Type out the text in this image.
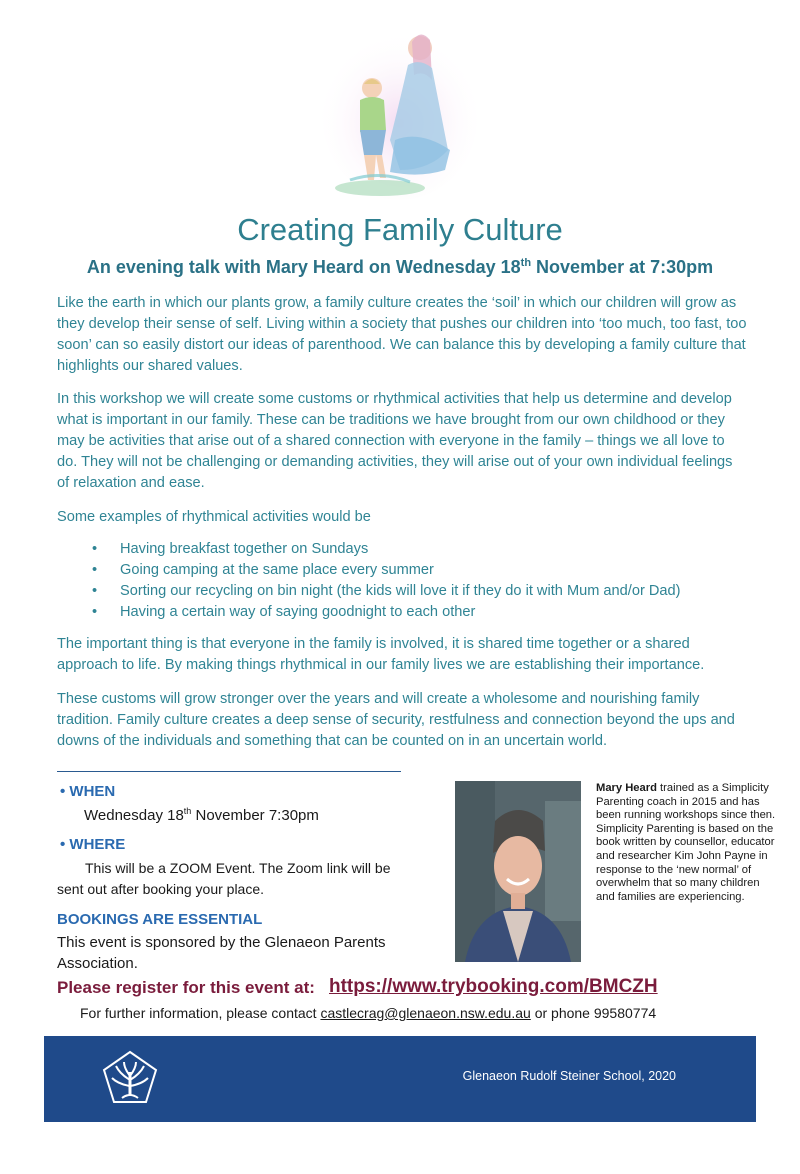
Creating Family Culture
An evening talk with Mary Heard on Wednesday 18th November at 7:30pm

Like the earth in which our plants grow, a family culture creates the ‘soil’ in which our children will grow as they develop their sense of self. Living within a society that pushes our children into ‘too much, too fast, too soon’ can so easily distort our ideas of parenthood. We can balance this by developing a family culture that highlights our shared values.

In this workshop we will create some customs or rhythmical activities that help us determine and develop what is important in our family. These can be traditions we have brought from our own childhood or they may be activities that arise out of a shared connection with everyone in the family – things we all love to do. They will not be challenging or demanding activities, they will arise out of your own individual feelings of relaxation and ease.

Some examples of rhythmical activities would be

• Having breakfast together on Sundays
• Going camping at the same place every summer
• Sorting our recycling on bin night (the kids will love it if they do it with Mum and/or Dad)
• Having a certain way of saying goodnight to each other

The important thing is that everyone in the family is involved, it is shared time together or a shared approach to life. By making things rhythmical in our family lives we are establishing their importance.

These customs will grow stronger over the years and will create a wholesome and nourishing family tradition. Family culture creates a deep sense of security, restfulness and connection beyond the ups and downs of the individuals and something that can be counted on in an uncertain world.

• WHEN
Wednesday 18th November 7:30pm
• WHERE
This will be a ZOOM Event. The Zoom link will be sent out after booking your place.
BOOKINGS ARE ESSENTIAL
This event is sponsored by the Glenaeon Parents Association.

Mary Heard trained as a Simplicity Parenting coach in 2015 and has been running workshops since then. Simplicity Parenting is based on the book written by counsellor, educator and researcher Kim John Payne in response to the ‘new normal’ of overwhelm that so many children and families are experiencing.

Please register for this event at: https://www.trybooking.com/BMCZH
For further information, please contact castlecrag@glenaeon.nsw.edu.au or phone 99580774
Glenaeon Rudolf Steiner School, 2020
